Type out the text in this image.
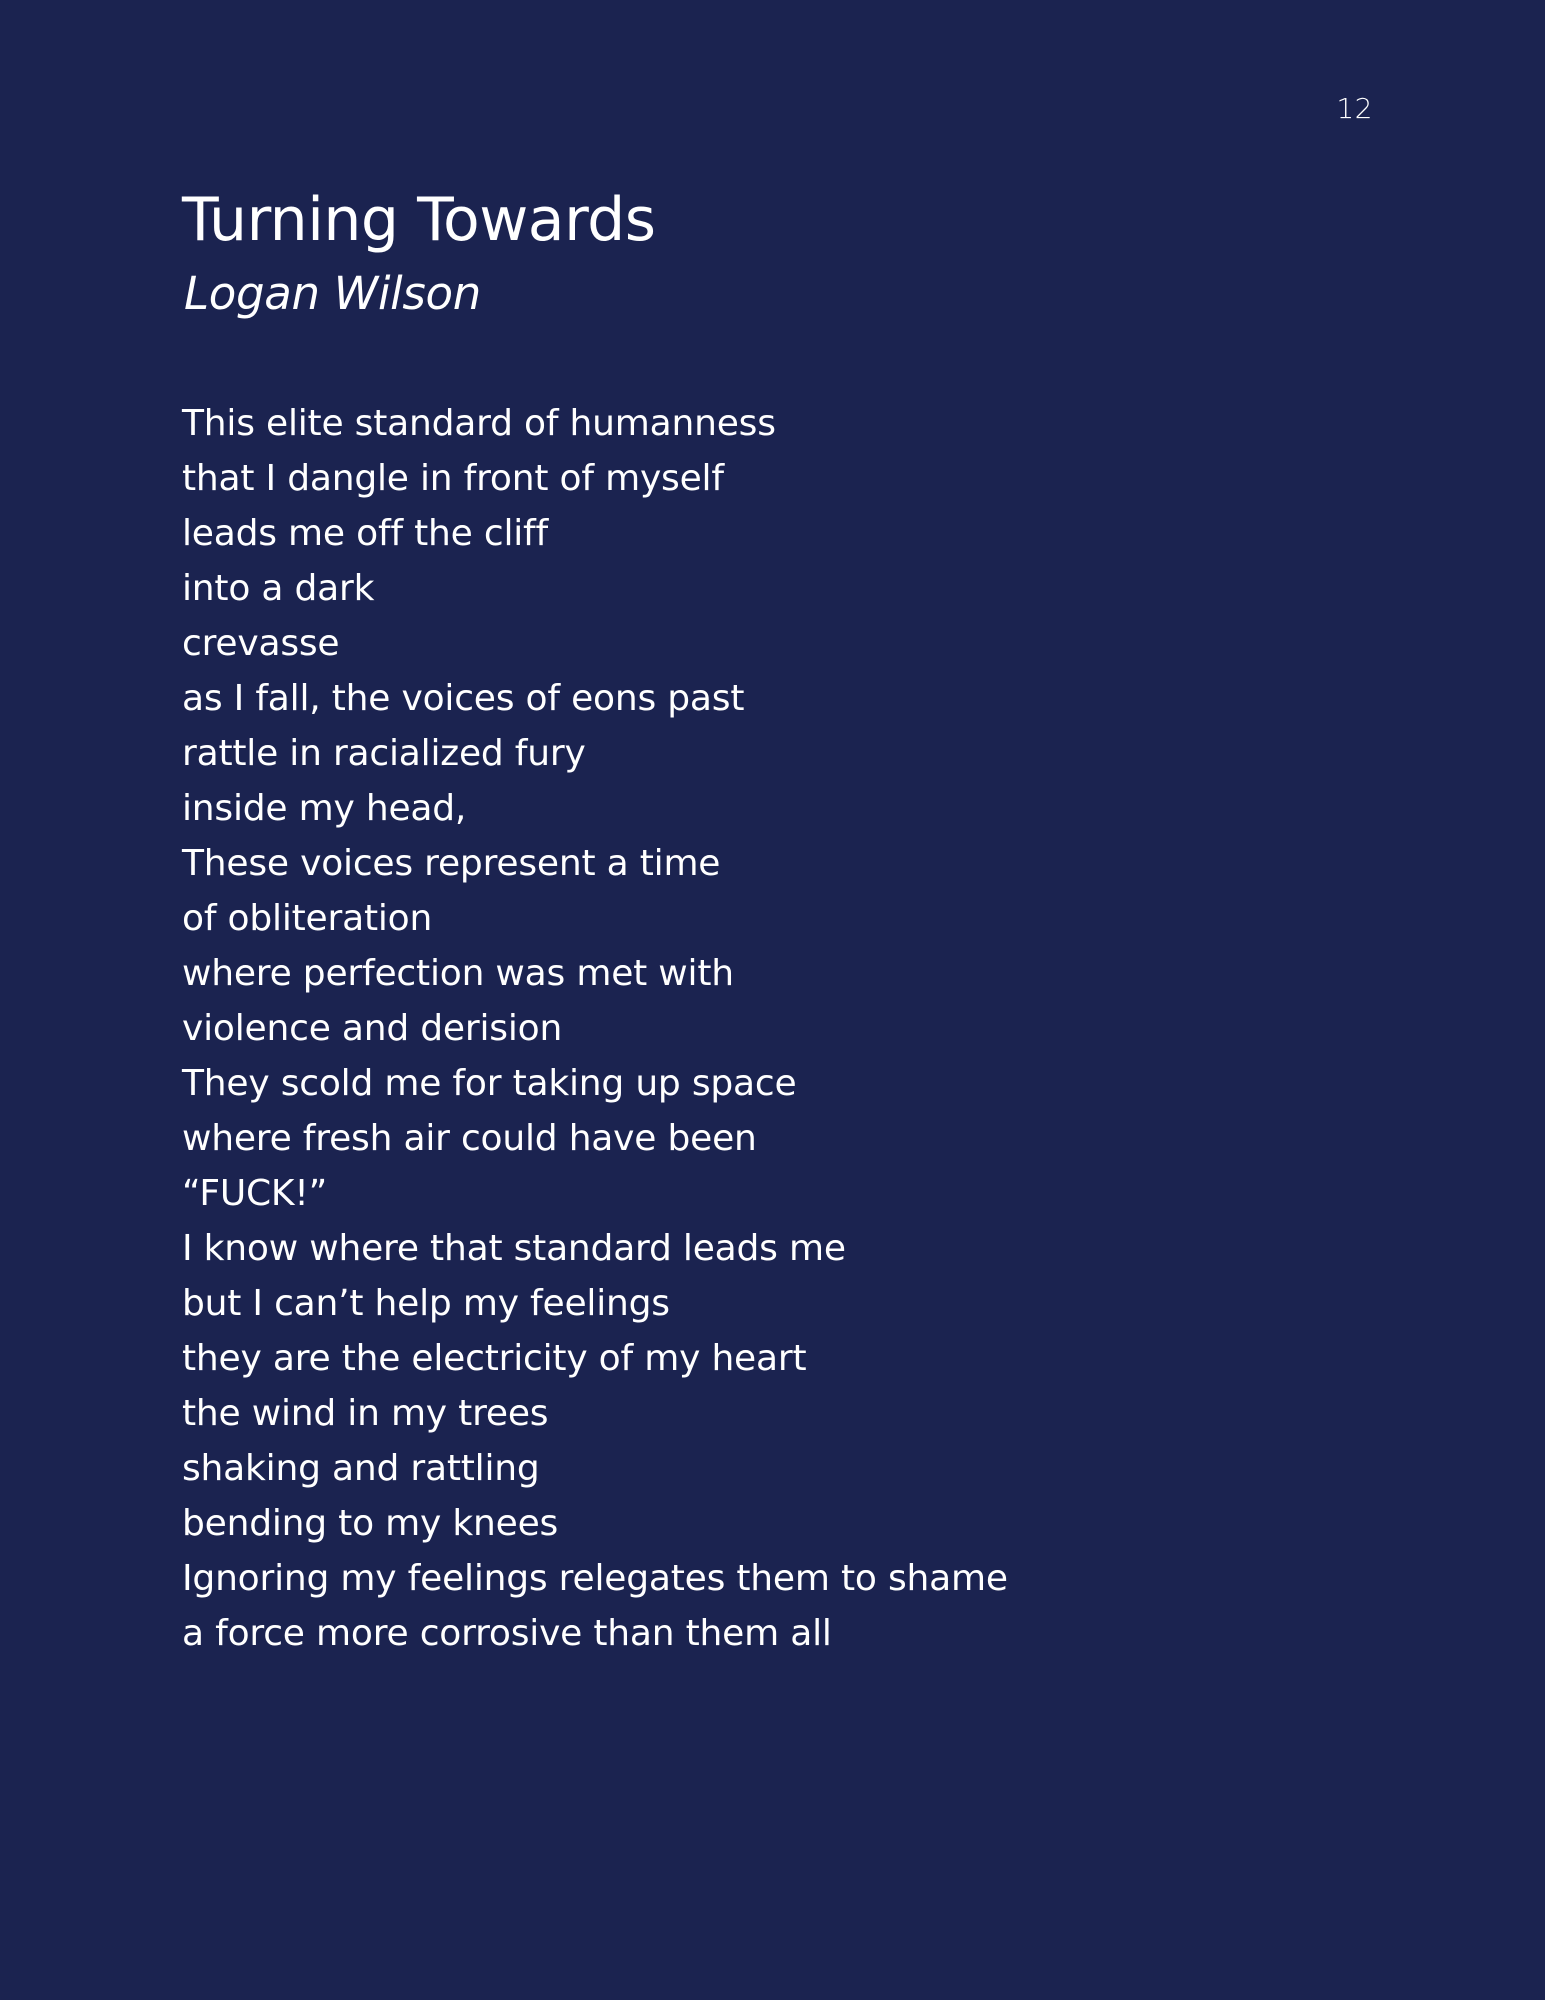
12
Turning Towards
Logan Wilson
This elite standard of humanness
that I dangle in front of myself
leads me off the cliff
into a dark
crevasse
as I fall, the voices of eons past
rattle in racialized fury
inside my head,
These voices represent a time
of obliteration
where perfection was met with
violence and derision
They scold me for taking up space
where fresh air could have been
“FUCK!”
I know where that standard leads me
but I can’t help my feelings
they are the electricity of my heart
the wind in my trees
shaking and rattling
bending to my knees
Ignoring my feelings relegates them to shame
a force more corrosive than them all
